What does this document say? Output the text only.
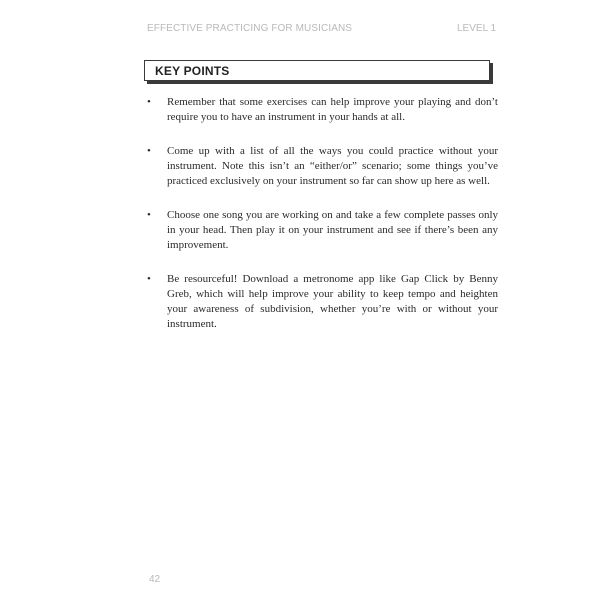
EFFECTIVE PRACTICING FOR MUSICIANS	LEVEL 1
KEY POINTS
• Remember that some exercises can help improve your playing and don’t require you to have an instrument in your hands at all.
• Come up with a list of all the ways you could practice without your instrument. Note this isn’t an “either/or” scenario; some things you’ve practiced exclusively on your instrument so far can show up here as well.
• Choose one song you are working on and take a few complete passes only in your head. Then play it on your instrument and see if there’s been any improvement.
• Be resourceful! Download a metronome app like Gap Click by Benny Greb, which will help improve your ability to keep tempo and heighten your awareness of subdivision, whether you’re with or without your instrument.
42
